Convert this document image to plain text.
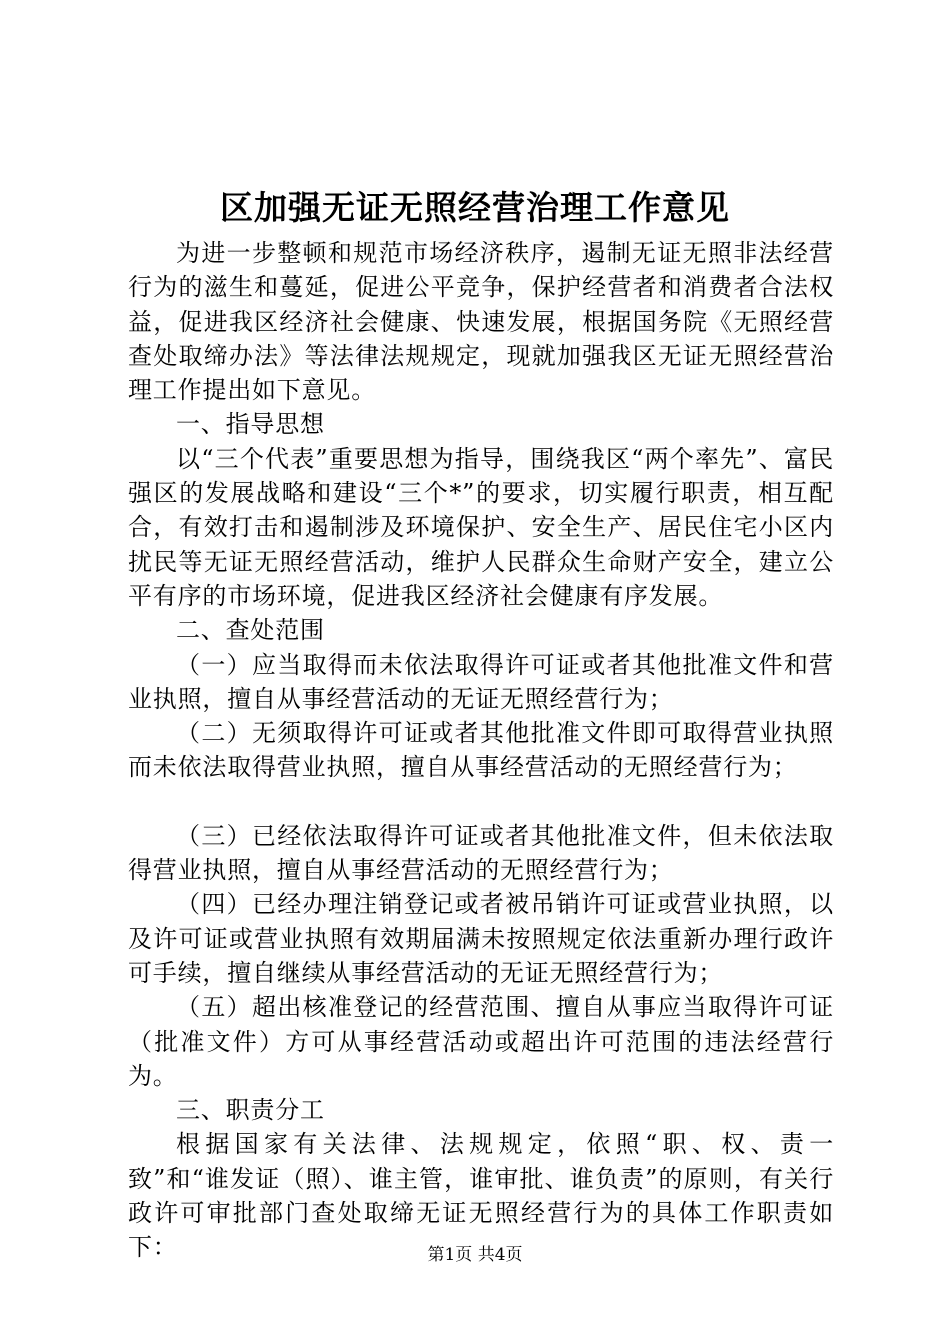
区加强无证无照经营治理工作意见

为进一步整顿和规范市场经济秩序，遏制无证无照非法经营行为的滋生和蔓延，促进公平竞争，保护经营者和消费者合法权益，促进我区经济社会健康、快速发展，根据国务院《无照经营查处取缔办法》等法律法规规定，现就加强我区无证无照经营治理工作提出如下意见。

一、指导思想

以“三个代表”重要思想为指导，围绕我区“两个率先”、富民强区的发展战略和建设“三个*”的要求，切实履行职责，相互配合，有效打击和遏制涉及环境保护、安全生产、居民住宅小区内扰民等无证无照经营活动，维护人民群众生命财产安全，建立公平有序的市场环境，促进我区经济社会健康有序发展。

二、查处范围

（一）应当取得而未依法取得许可证或者其他批准文件和营业执照，擅自从事经营活动的无证无照经营行为；

（二）无须取得许可证或者其他批准文件即可取得营业执照而未依法取得营业执照，擅自从事经营活动的无照经营行为；

（三）已经依法取得许可证或者其他批准文件，但未依法取得营业执照，擅自从事经营活动的无照经营行为；

（四）已经办理注销登记或者被吊销许可证或营业执照，以及许可证或营业执照有效期届满未按照规定依法重新办理行政许可手续，擅自继续从事经营活动的无证无照经营行为；

（五）超出核准登记的经营范围、擅自从事应当取得许可证（批准文件）方可从事经营活动或超出许可范围的违法经营行为。

三、职责分工

根据国家有关法律、法规规定，依照“职、权、责一致”和“谁发证（照）、谁主管，谁审批、谁负责”的原则，有关行政许可审批部门查处取缔无证无照经营行为的具体工作职责如下：	第1页 共4页
